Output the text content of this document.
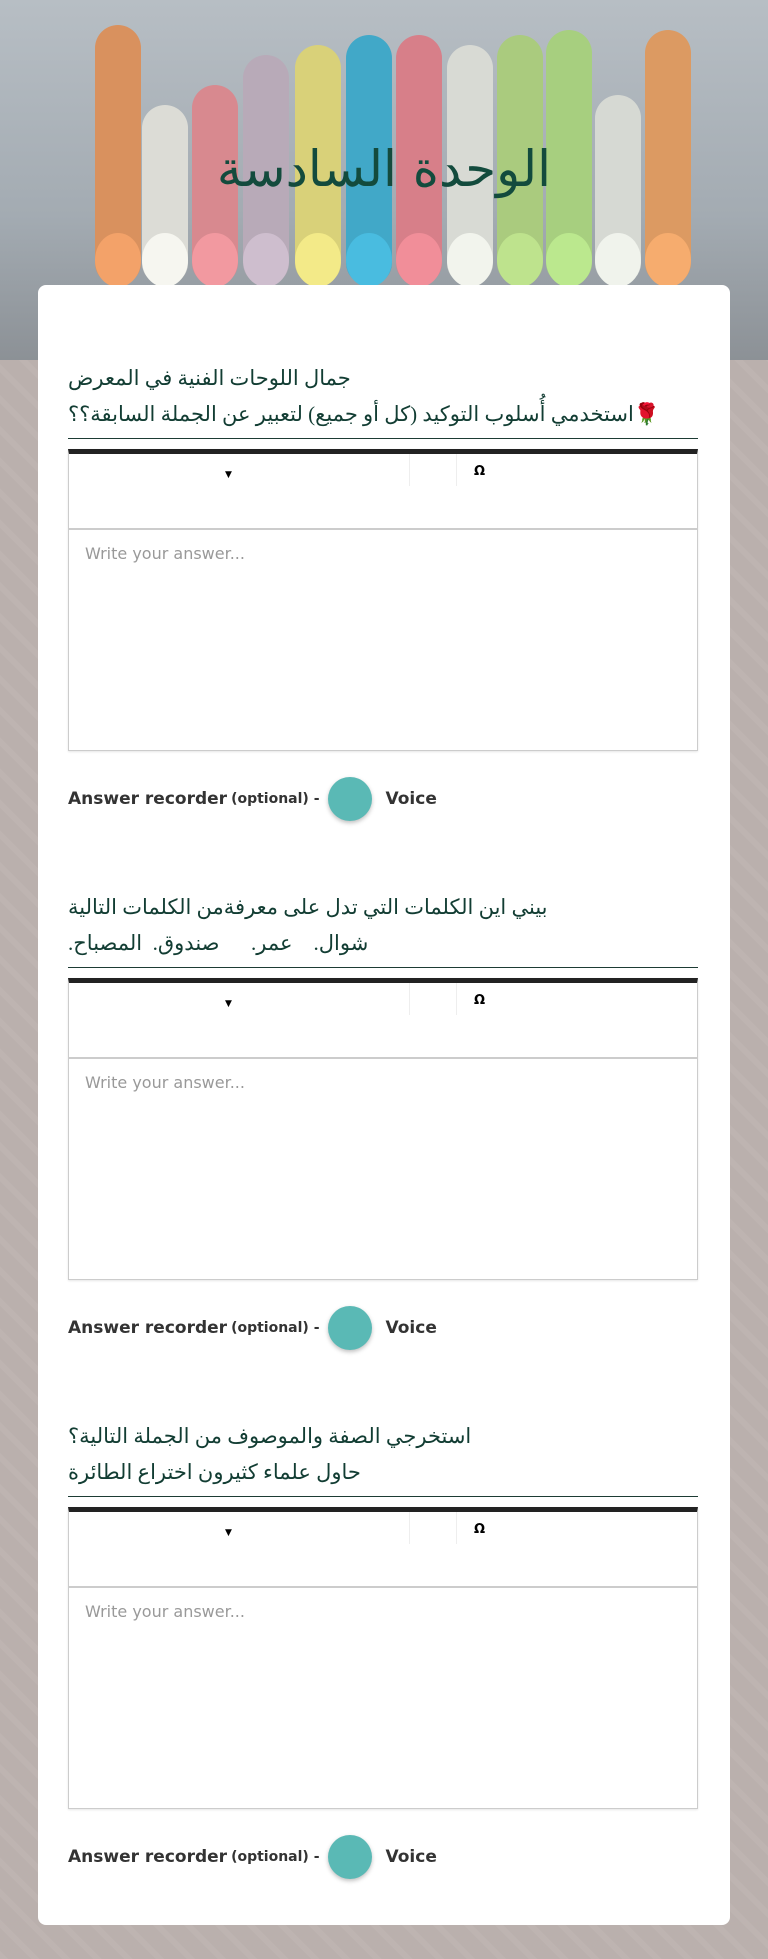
الوحدة السادسة
جمال اللوحات الفنية في المعرض
🌹استخدمي أُسلوب التوكيد (كل أو جميع) لتعبير عن الجملة السابقة؟؟
▼	Ω
Write your answer...
Answer recorder (optional) -	Voice
بيني اين الكلمات التي تدل على معرفةمن الكلمات التالية
شوال.    عمر.      صندوق.  المصباح.
▼	Ω
Write your answer...
Answer recorder (optional) -	Voice
استخرجي الصفة والموصوف من الجملة التالية؟
حاول علماء كثيرون اختراع الطائرة
▼	Ω
Write your answer...
Answer recorder (optional) -	Voice
